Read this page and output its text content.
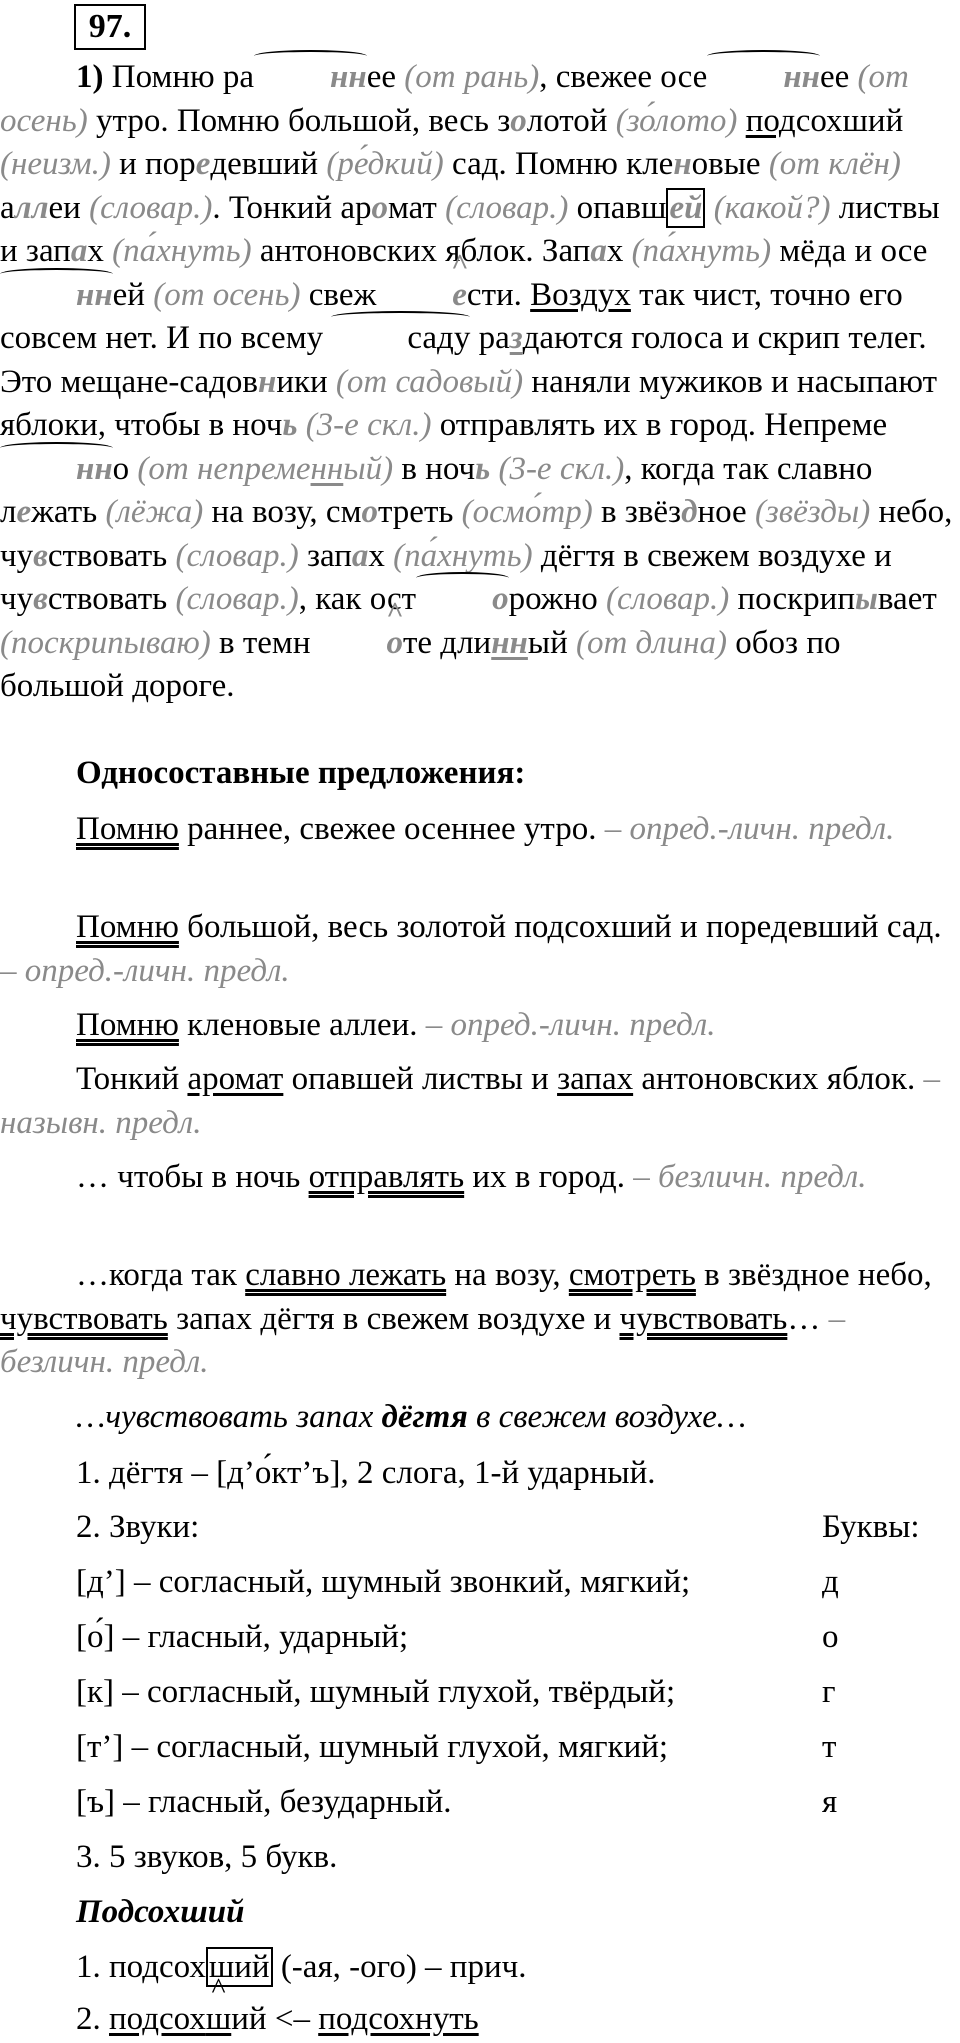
97.

1) Помню ра ннее (от рань), свежее осе ннее (от осень) утро. Помню большой, весь золотой (зо́лото) подсохший (неизм.) и поредевший (ре́дкий) сад. Помню кленовые (от клён) аллеи (словар.). Тонкий аромат (словар.) опавшей (какой?) листвы и запах (па́хнуть) антоновских яблок. Запах (па́хнуть) мёда и осенней (от осень) свеж ^ ести. Воздух так чист, точно его совсем нет. И по всему саду раздаются голоса и скрип телег. Это мещане-садовники (от садовый) наняли мужиков и насыпают яблоки, чтобы в ночь (3-е скл.) отправлять их в город. Непременно (от непременный) в ночь (3-е скл.), когда так славно лежать (лёжа) на возу, смотреть (осмо́тр) в звёздное (звёзды) небо, чувствовать (словар.) запах (па́хнуть) дёгтя в свежем воздухе и чувствовать (словар.), как ост орожно (словар.) поскрипывает (поскрипываю) в темн ^ оте длинный (от длина) обоз по большой дороге.

Односоставные предложения:

Помню раннее, свежее осеннее утро. – опред.-личн. предл.

Помню большой, весь золотой подсохший и поредевший сад. – опред.-личн. предл.

Помню кленовые аллеи. – опред.-личн. предл.

Тонкий аромат опавшей листвы и запах антоновских яблок. – назывн. предл.

… чтобы в ночь отправлять их в город. – безличн. предл.

…когда так славно лежать на возу, смотреть в звёздное небо, чувствовать запах дёгтя в свежем воздухе и чувствовать… – безличн. предл.

…чувствовать запах дёгтя в свежем воздухе…
1. дёгтя – [д’о́кт’ъ], 2 слога, 1-й ударный.
2. Звуки:	Буквы:
[д’] – согласный, шумный звонкий, мягкий;	д
[о́] – гласный, ударный;	о
[к] – согласный, шумный глухой, твёрдый;	г
[т’] – согласный, шумный глухой, мягкий;	т
[ъ] – гласный, безударный.	я
3. 5 звуков, 5 букв.
Подсохший
1. подсохший (-ая, -ого) – прич.
2. подсох^ ший <– подсохнуть
